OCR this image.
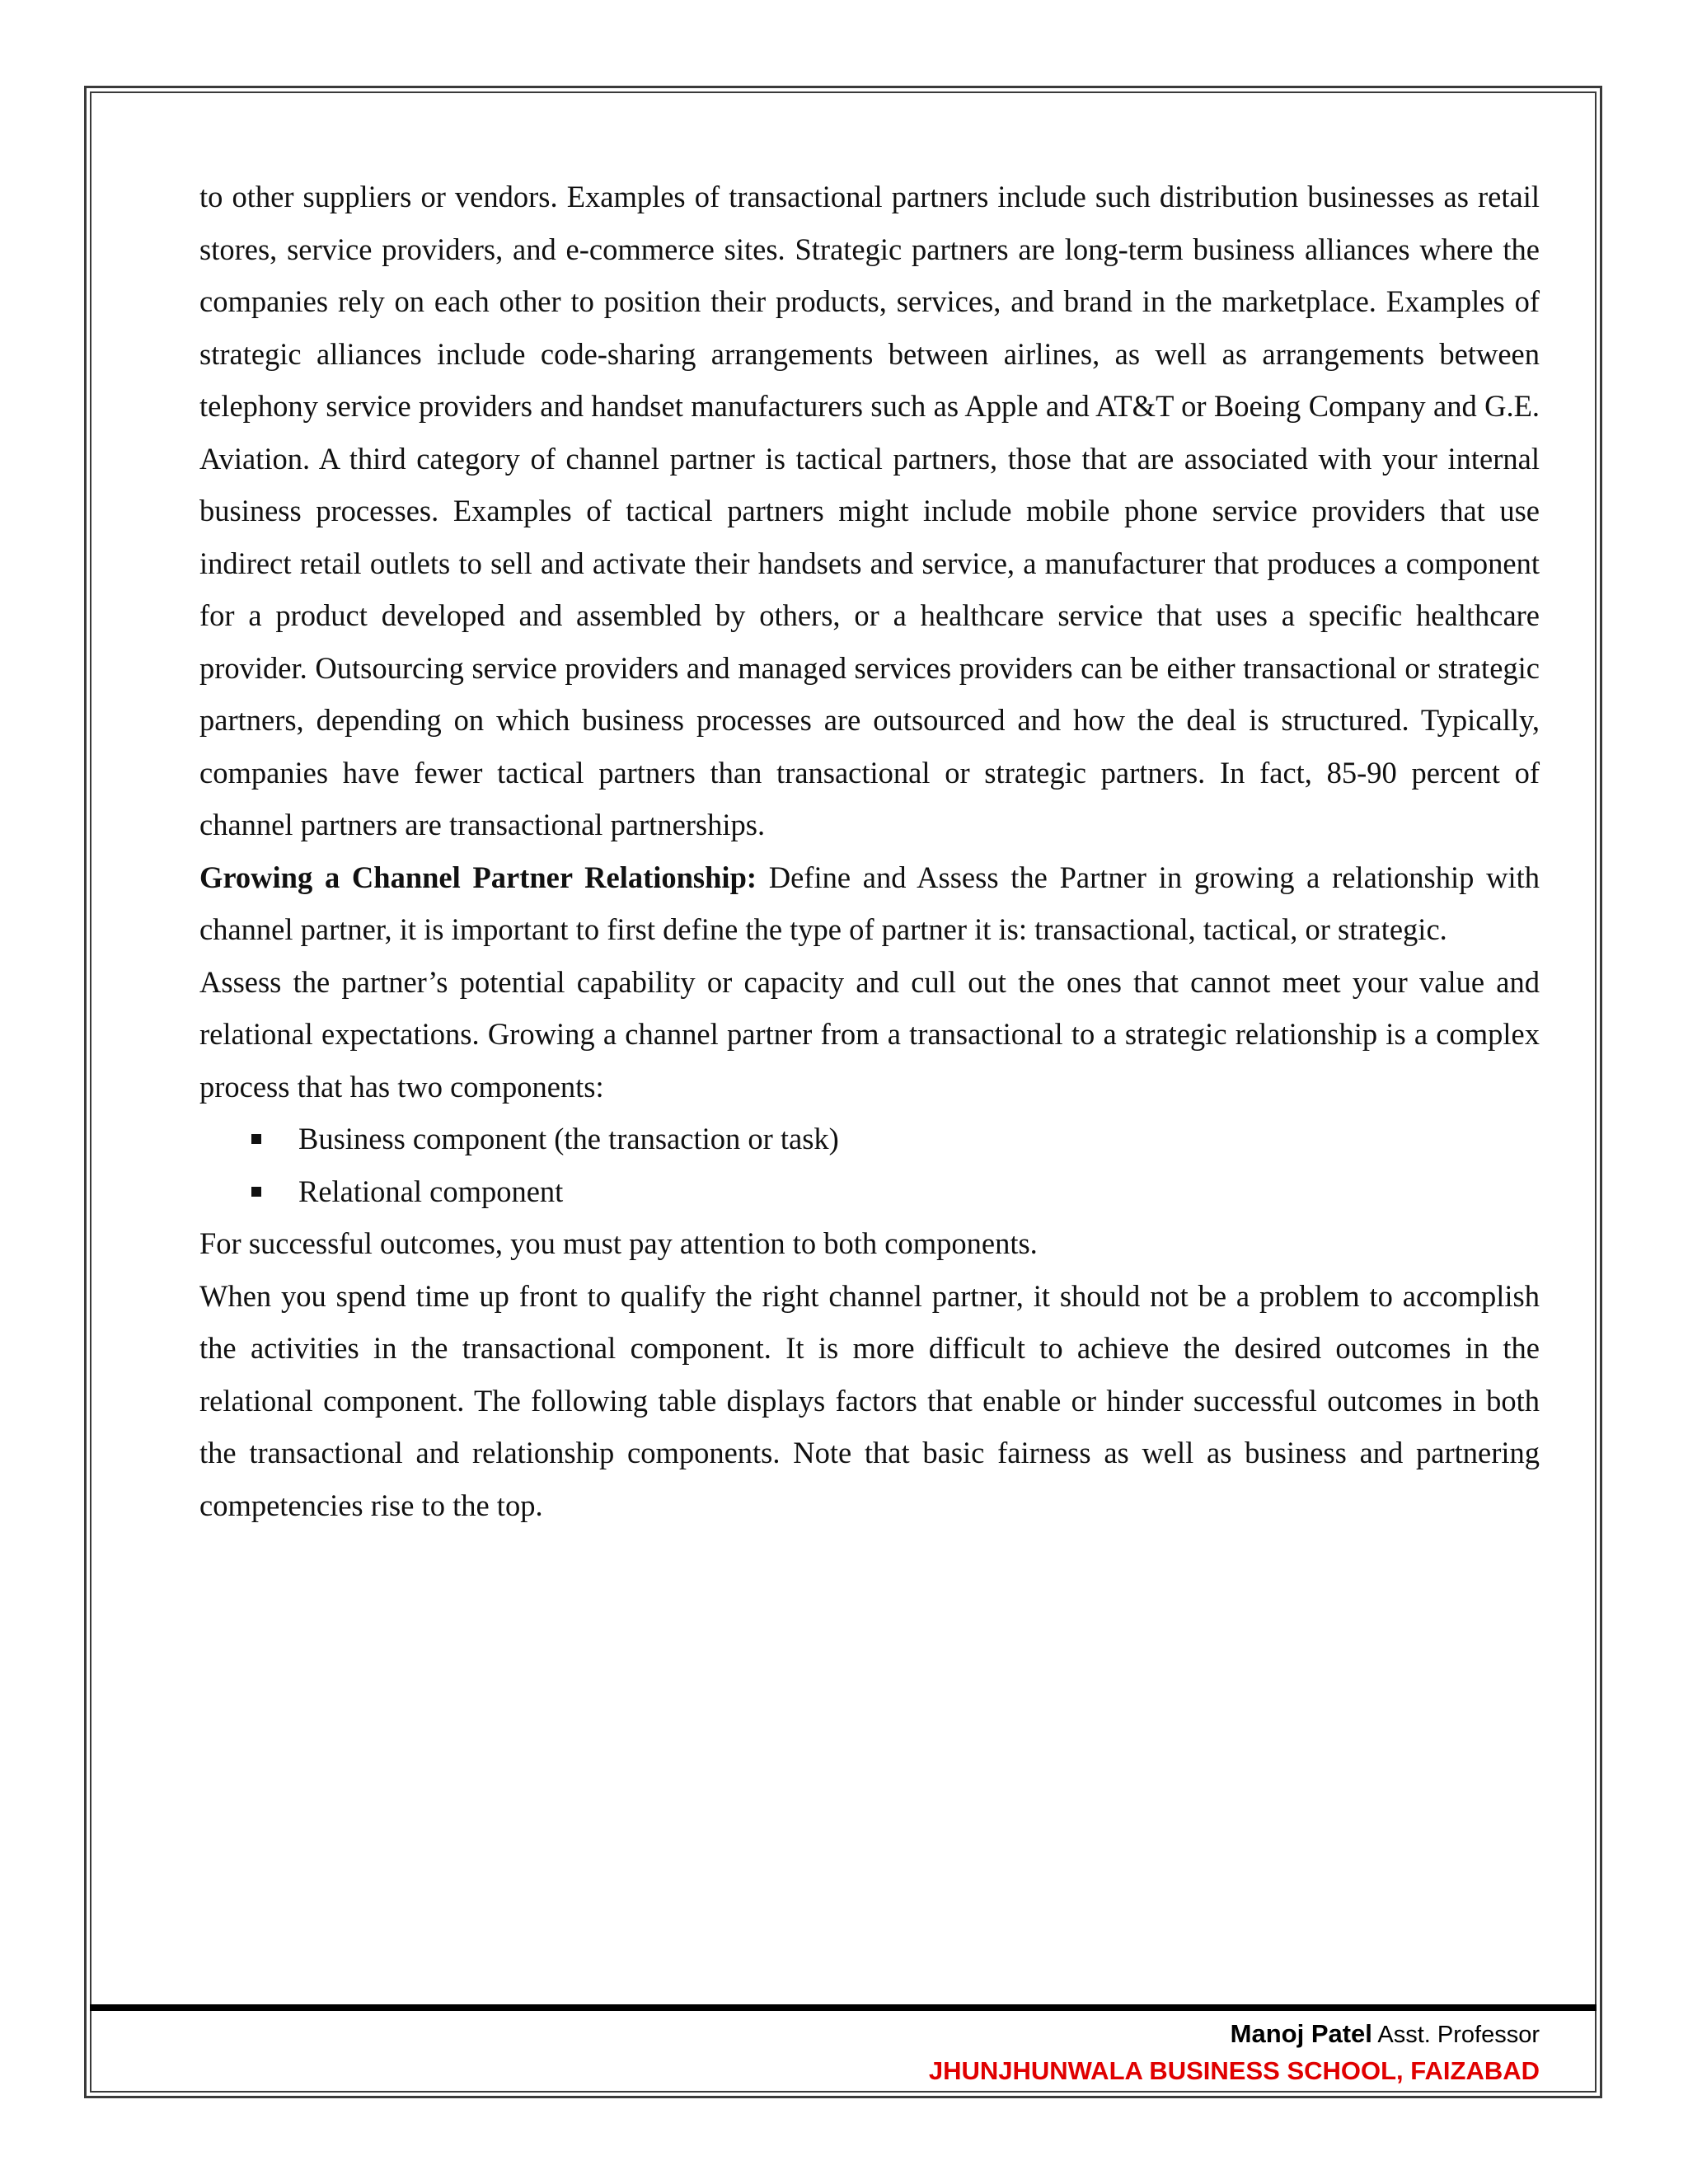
to other suppliers or vendors. Examples of transactional partners include such distribution businesses as retail stores, service providers, and e-commerce sites. Strategic partners are long-term business alliances where the companies rely on each other to position their products, services, and brand in the marketplace. Examples of strategic alliances include code-sharing arrangements between airlines, as well as arrangements between telephony service providers and handset manufacturers such as Apple and AT&T or Boeing Company and G.E. Aviation. A third category of channel partner is tactical partners, those that are associated with your internal business processes. Examples of tactical partners might include mobile phone service providers that use indirect retail outlets to sell and activate their handsets and service, a manufacturer that produces a component for a product developed and assembled by others, or a healthcare service that uses a specific healthcare provider. Outsourcing service providers and managed services providers can be either transactional or strategic partners, depending on which business processes are outsourced and how the deal is structured. Typically, companies have fewer tactical partners than transactional or strategic partners. In fact, 85-90 percent of channel partners are transactional partnerships.

Growing a Channel Partner Relationship: Define and Assess the Partner in growing a relationship with channel partner, it is important to first define the type of partner it is: transactional, tactical, or strategic.

Assess the partner’s potential capability or capacity and cull out the ones that cannot meet your value and relational expectations. Growing a channel partner from a transactional to a strategic relationship is a complex process that has two components:

Business component (the transaction or task)
Relational component

For successful outcomes, you must pay attention to both components.

When you spend time up front to qualify the right channel partner, it should not be a problem to accomplish the activities in the transactional component. It is more difficult to achieve the desired outcomes in the relational component. The following table displays factors that enable or hinder successful outcomes in both the transactional and relationship components. Note that basic fairness as well as business and partnering competencies rise to the top.

Manoj Patel Asst. Professor
JHUNJHUNWALA BUSINESS SCHOOL, FAIZABAD
